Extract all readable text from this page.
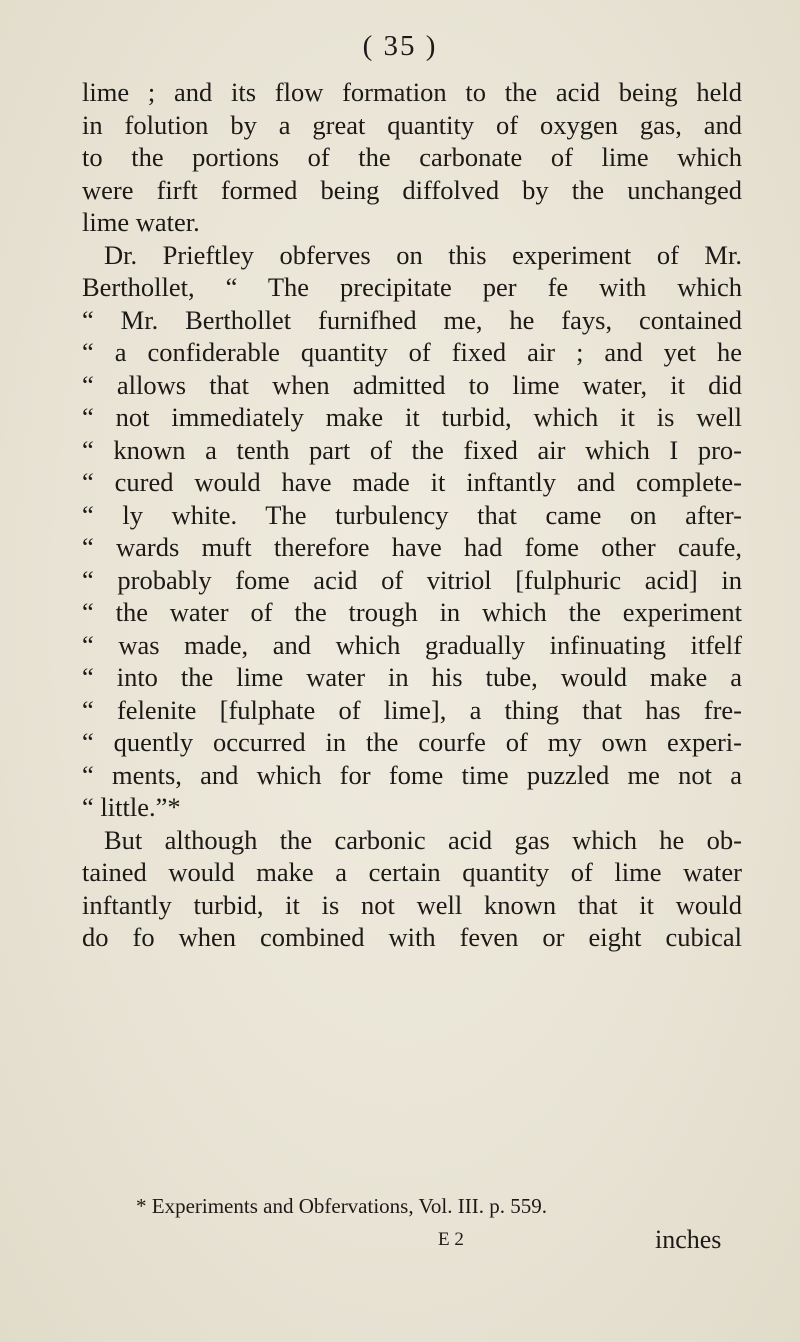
( 35 )
lime ; and its flow formation to the acid being held
in folution by a great quantity of oxygen gas, and
to the portions of the carbonate of lime which
were firft formed being diffolved by the unchanged
lime water.
Dr. Prieftley obferves on this experiment of Mr.
Berthollet, “ The precipitate per fe with which
“ Mr. Berthollet furnifhed me, he fays, contained
“ a confiderable quantity of fixed air ; and yet he
“ allows that when admitted to lime water, it did
“ not immediately make it turbid, which it is well
“ known a tenth part of the fixed air which I pro-
“ cured would have made it inftantly and complete-
“ ly white. The turbulency that came on after-
“ wards muft therefore have had fome other caufe,
“ probably fome acid of vitriol [fulphuric acid] in
“ the water of the trough in which the experiment
“ was made, and which gradually infinuating itfelf
“ into the lime water in his tube, would make a
“ felenite [fulphate of lime], a thing that has fre-
“ quently occurred in the courfe of my own experi-
“ ments, and which for fome time puzzled me not a
“ little.”*
But although the carbonic acid gas which he ob-
tained would make a certain quantity of lime water
inftantly turbid, it is not well known that it would
do fo when combined with feven or eight cubical
* Experiments and Obfervations, Vol. III. p. 559.
E 2	inches
